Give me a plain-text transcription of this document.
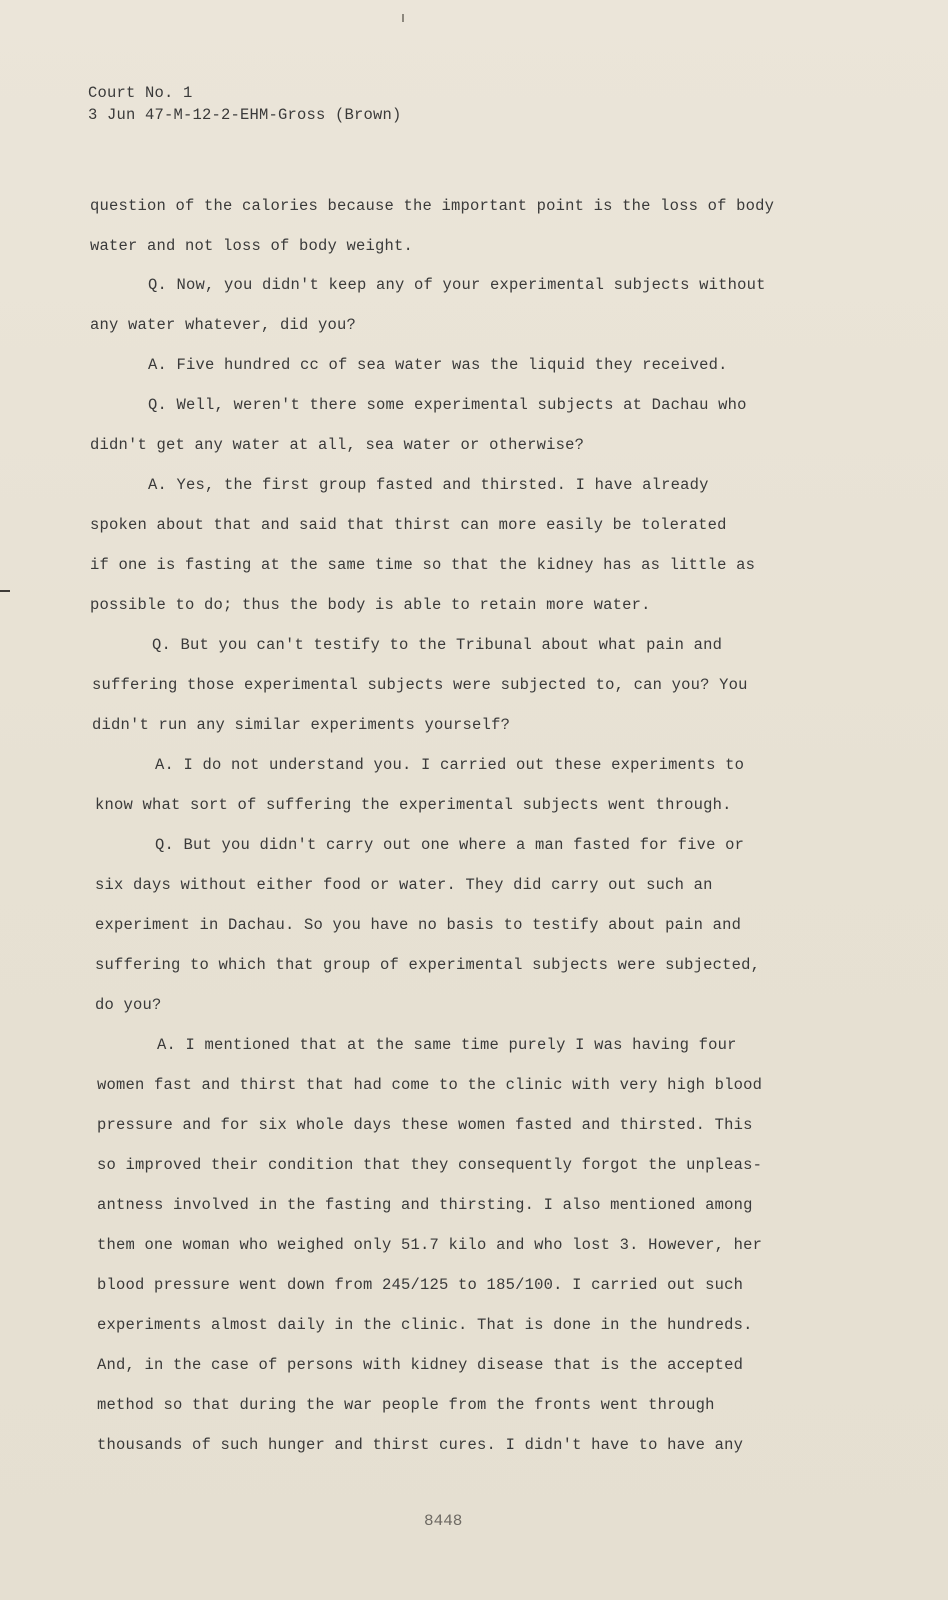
Court No. 1
3 Jun 47-M-12-2-EHM-Gross (Brown)
question of the calories because the important point is the loss of body
water and not loss of body weight.
Q. Now, you didn't keep any of your experimental subjects without
any water whatever, did you?
A. Five hundred cc of sea water was the liquid they received.
Q. Well, weren't there some experimental subjects at Dachau who
didn't get any water at all, sea water or otherwise?
A. Yes, the first group fasted and thirsted. I have already
spoken about that and said that thirst can more easily be tolerated
if one is fasting at the same time so that the kidney has as little as
possible to do; thus the body is able to retain more water.
Q. But you can't testify to the Tribunal about what pain and
suffering those experimental subjects were subjected to, can you? You
didn't run any similar experiments yourself?
A. I do not understand you. I carried out these experiments to
know what sort of suffering the experimental subjects went through.
Q. But you didn't carry out one where a man fasted for five or
six days without either food or water. They did carry out such an
experiment in Dachau. So you have no basis to testify about pain and
suffering to which that group of experimental subjects were subjected,
do you?
A. I mentioned that at the same time purely I was having four
women fast and thirst that had come to the clinic with very high blood
pressure and for six whole days these women fasted and thirsted. This
so improved their condition that they consequently forgot the unpleas-
antness involved in the fasting and thirsting. I also mentioned among
them one woman who weighed only 51.7 kilo and who lost 3. However, her
blood pressure went down from 245/125 to 185/100. I carried out such
experiments almost daily in the clinic. That is done in the hundreds.
And, in the case of persons with kidney disease that is the accepted
method so that during the war people from the fronts went through
thousands of such hunger and thirst cures. I didn't have to have any
8448
